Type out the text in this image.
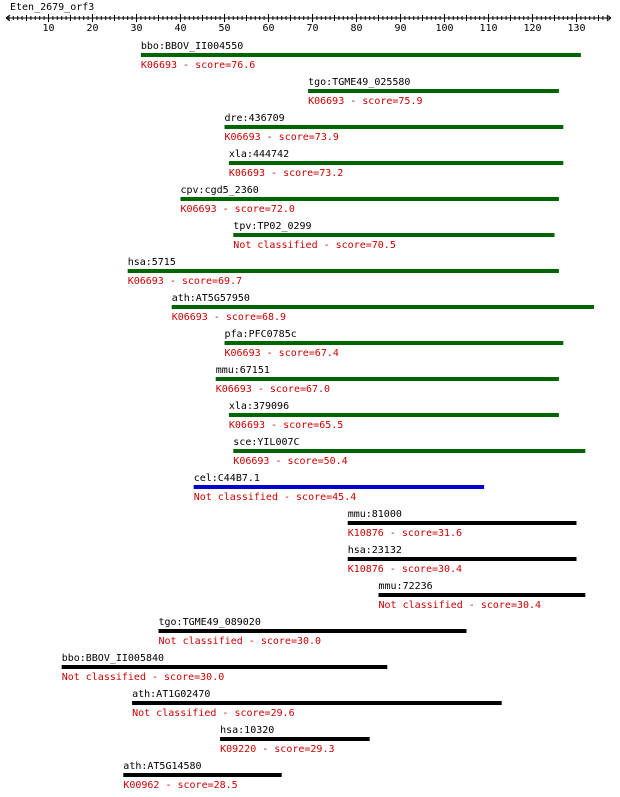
Eten_2679_orf3
10	20	30	40	50	60	70	80	90	100	110	120	130
bbo:BBOV_II004550
K06693 - score=76.6
tgo:TGME49_025580
K06693 - score=75.9
dre:436709
K06693 - score=73.9
xla:444742
K06693 - score=73.2
cpv:cgd5_2360
K06693 - score=72.0
tpv:TP02_0299
Not classified - score=70.5
hsa:5715
K06693 - score=69.7
ath:AT5G57950
K06693 - score=68.9
pfa:PFC0785c
K06693 - score=67.4
mmu:67151
K06693 - score=67.0
xla:379096
K06693 - score=65.5
sce:YIL007C
K06693 - score=50.4
cel:C44B7.1
Not classified - score=45.4
mmu:81000
K10876 - score=31.6
hsa:23132
K10876 - score=30.4
mmu:72236
Not classified - score=30.4
tgo:TGME49_089020
Not classified - score=30.0
bbo:BBOV_II005840
Not classified - score=30.0
ath:AT1G02470
Not classified - score=29.6
hsa:10320
K09220 - score=29.3
ath:AT5G14580
K00962 - score=28.5
